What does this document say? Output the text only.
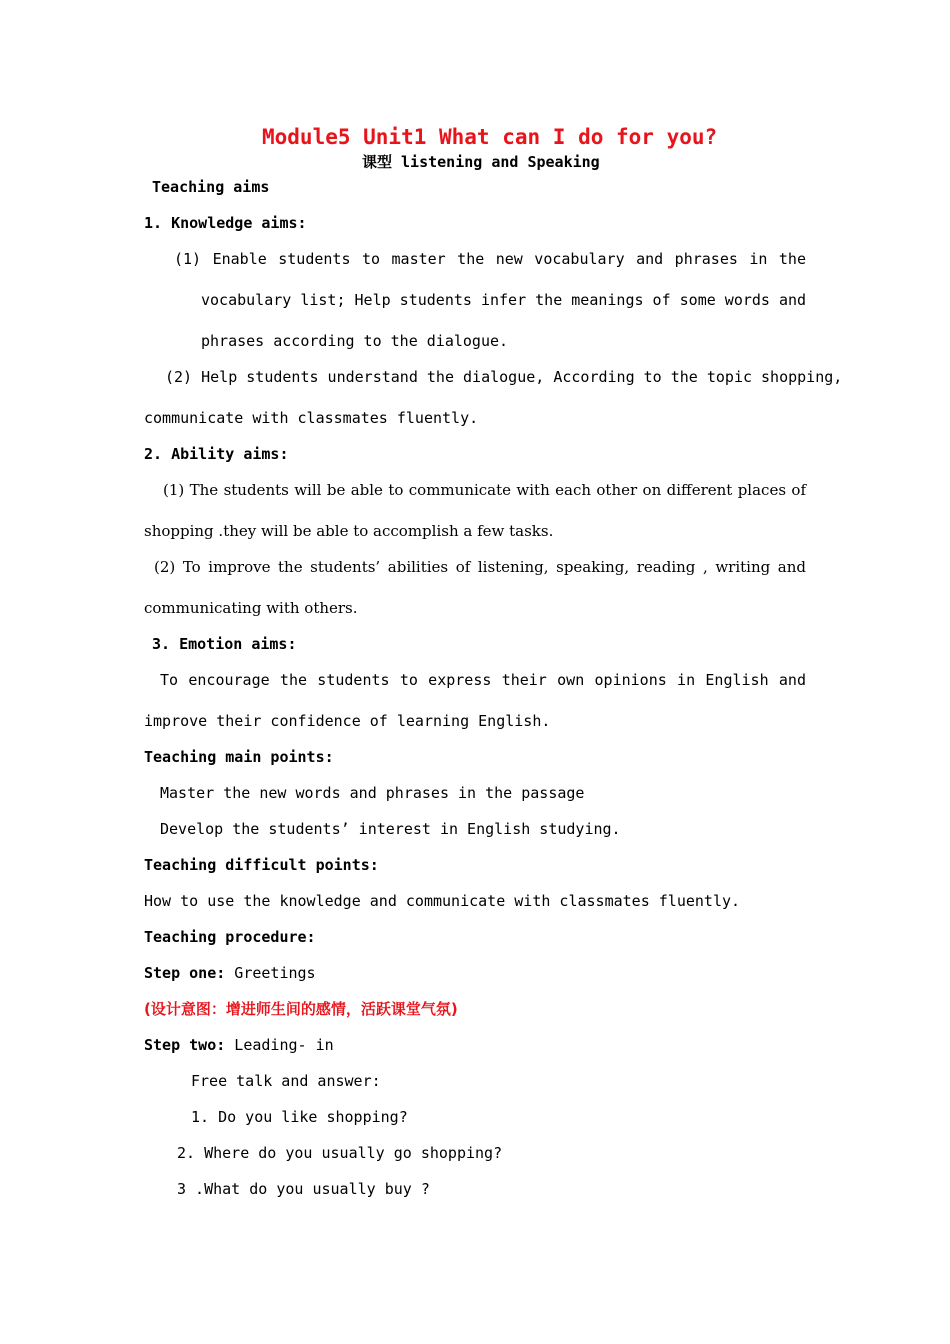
Module5 Unit1 What can I do for you?
课型 listening and Speaking
Teaching aims
1. Knowledge aims:
(1) Enable students to master the new vocabulary and phrases in the
vocabulary list; Help students infer the meanings of some words and
phrases according to the dialogue.
(2) Help students understand the dialogue, According to the topic shopping,
communicate with classmates fluently.
2. Ability aims:
(1) The students will be able to communicate with each other on different places of
shopping .they will be able to accomplish a few tasks.
(2) To improve the students’ abilities of listening, speaking, reading , writing and
communicating with others.
3. Emotion aims:
To encourage the students to express their own opinions in English and
improve their confidence of learning English.
Teaching main points:
Master the new words and phrases in the passage
Develop the students’ interest in English studying.
Teaching difficult points:
How to use the knowledge and communicate with classmates fluently.
Teaching procedure:
Step one: Greetings
(设计意图：增进师生间的感情，活跃课堂气氛)
Step two: Leading- in
Free talk and answer:
1. Do you like shopping?
2. Where do you usually go shopping?
3 .What do you usually buy ?
